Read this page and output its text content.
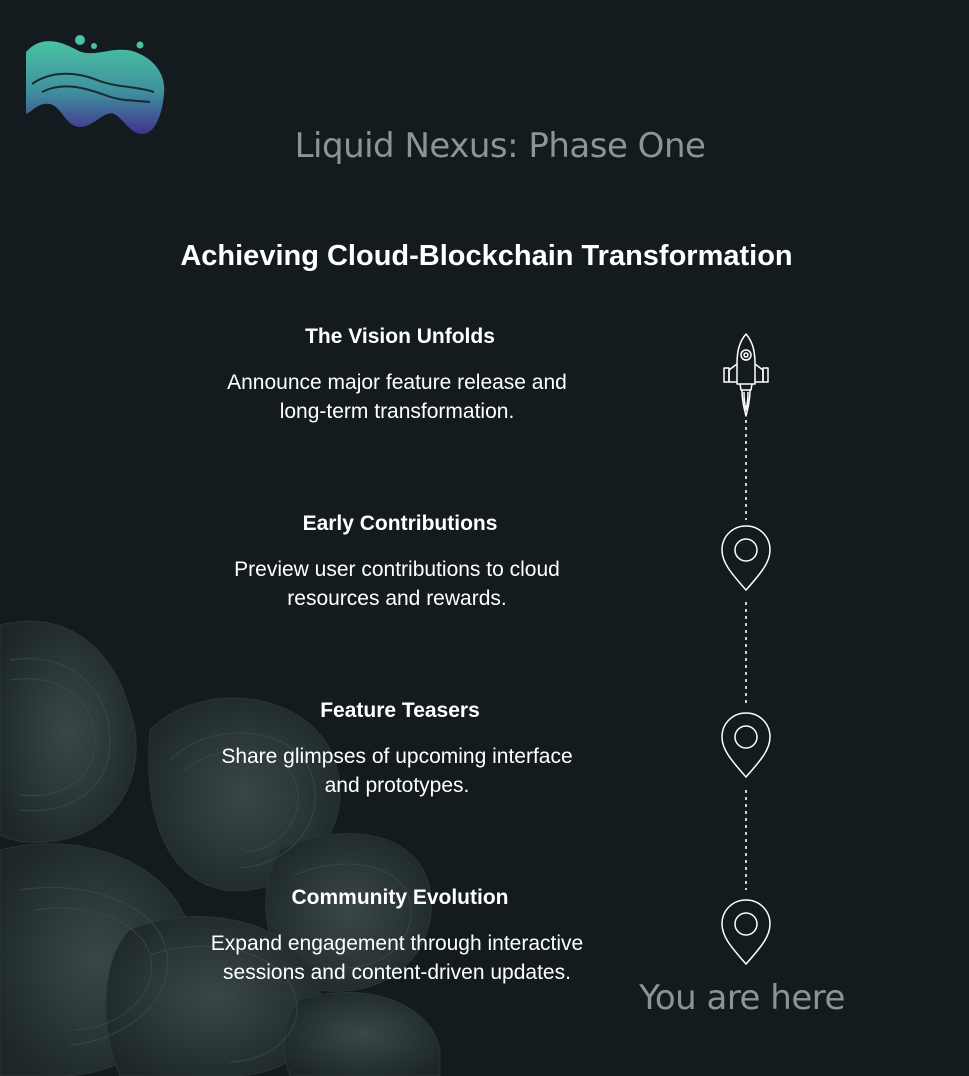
Liquid Nexus: Phase One
Achieving Cloud-Blockchain Transformation
The Vision Unfolds
Announce major feature release and
long-term transformation.
Early Contributions
Preview user contributions to cloud
resources and rewards.
Feature Teasers
Share glimpses of upcoming interface
and prototypes.
Community Evolution
Expand engagement through interactive
sessions and content-driven updates.
You are here
